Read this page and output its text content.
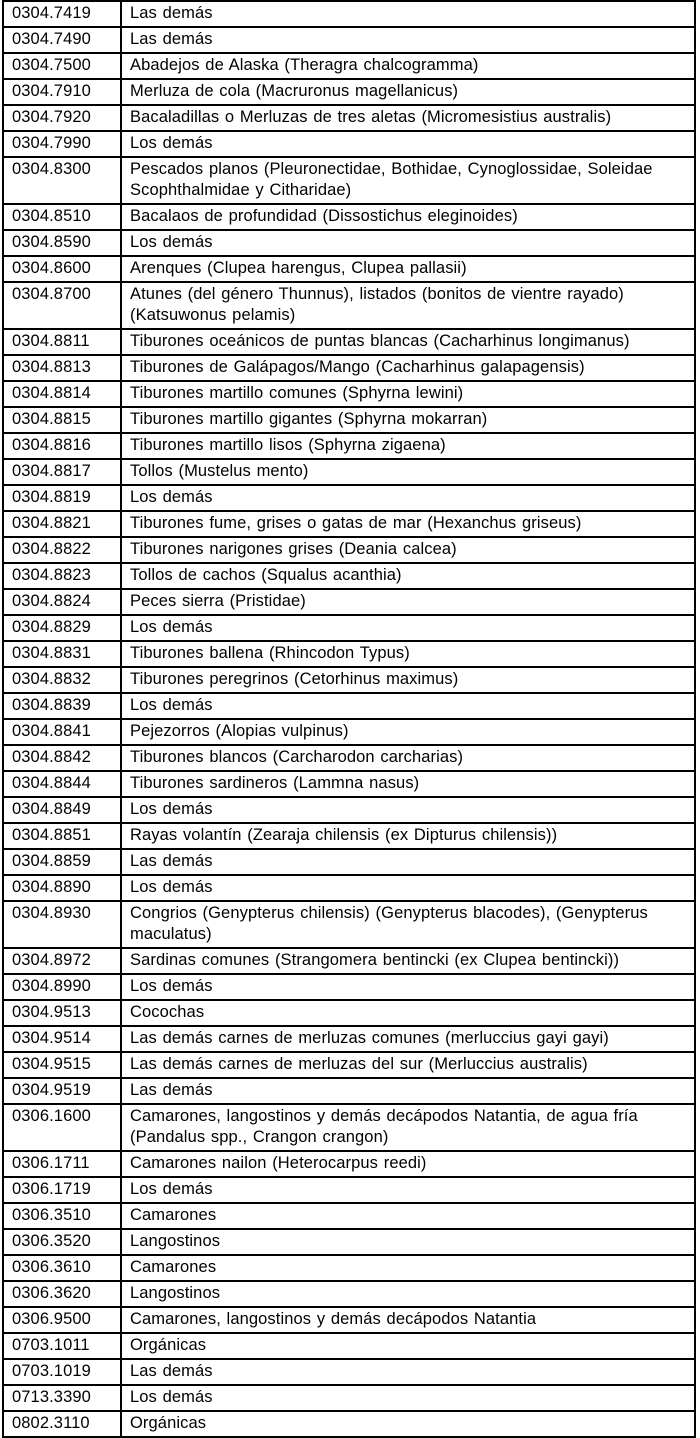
0304.7419	Las demás
0304.7490	Las demás
0304.7500	Abadejos de Alaska (Theragra chalcogramma)
0304.7910	Merluza de cola (Macruronus magellanicus)
0304.7920	Bacaladillas o Merluzas de tres aletas (Micromesistius australis)
0304.7990	Los demás
0304.8300	Pescados planos (Pleuronectidae, Bothidae, Cynoglossidae, Soleidae Scophthalmidae y Citharidae)
0304.8510	Bacalaos de profundidad (Dissostichus eleginoides)
0304.8590	Los demás
0304.8600	Arenques (Clupea harengus, Clupea pallasii)
0304.8700	Atunes (del género Thunnus), listados (bonitos de vientre rayado) (Katsuwonus pelamis)
0304.8811	Tiburones oceánicos de puntas blancas (Cacharhinus longimanus)
0304.8813	Tiburones de Galápagos/Mango (Cacharhinus galapagensis)
0304.8814	Tiburones martillo comunes (Sphyrna lewini)
0304.8815	Tiburones martillo gigantes (Sphyrna mokarran)
0304.8816	Tiburones martillo lisos (Sphyrna zigaena)
0304.8817	Tollos (Mustelus mento)
0304.8819	Los demás
0304.8821	Tiburones fume, grises o gatas de mar (Hexanchus griseus)
0304.8822	Tiburones narigones grises (Deania calcea)
0304.8823	Tollos de cachos (Squalus acanthia)
0304.8824	Peces sierra (Pristidae)
0304.8829	Los demás
0304.8831	Tiburones ballena (Rhincodon Typus)
0304.8832	Tiburones peregrinos (Cetorhinus maximus)
0304.8839	Los demás
0304.8841	Pejezorros (Alopias vulpinus)
0304.8842	Tiburones blancos (Carcharodon carcharias)
0304.8844	Tiburones sardineros (Lammna nasus)
0304.8849	Los demás
0304.8851	Rayas volantín (Zearaja chilensis (ex Dipturus chilensis))
0304.8859	Las demás
0304.8890	Los demás
0304.8930	Congrios (Genypterus chilensis) (Genypterus blacodes), (Genypterus maculatus)
0304.8972	Sardinas comunes (Strangomera bentincki (ex Clupea bentincki))
0304.8990	Los demás
0304.9513	Cocochas
0304.9514	Las demás carnes de merluzas comunes (merluccius gayi gayi)
0304.9515	Las demás carnes de merluzas del sur (Merluccius australis)
0304.9519	Las demás
0306.1600	Camarones, langostinos y demás decápodos Natantia, de agua fría (Pandalus spp., Crangon crangon)
0306.1711	Camarones nailon (Heterocarpus reedi)
0306.1719	Los demás
0306.3510	Camarones
0306.3520	Langostinos
0306.3610	Camarones
0306.3620	Langostinos
0306.9500	Camarones, langostinos y demás decápodos Natantia
0703.1011	Orgánicas
0703.1019	Las demás
0713.3390	Los demás
0802.3110	Orgánicas
